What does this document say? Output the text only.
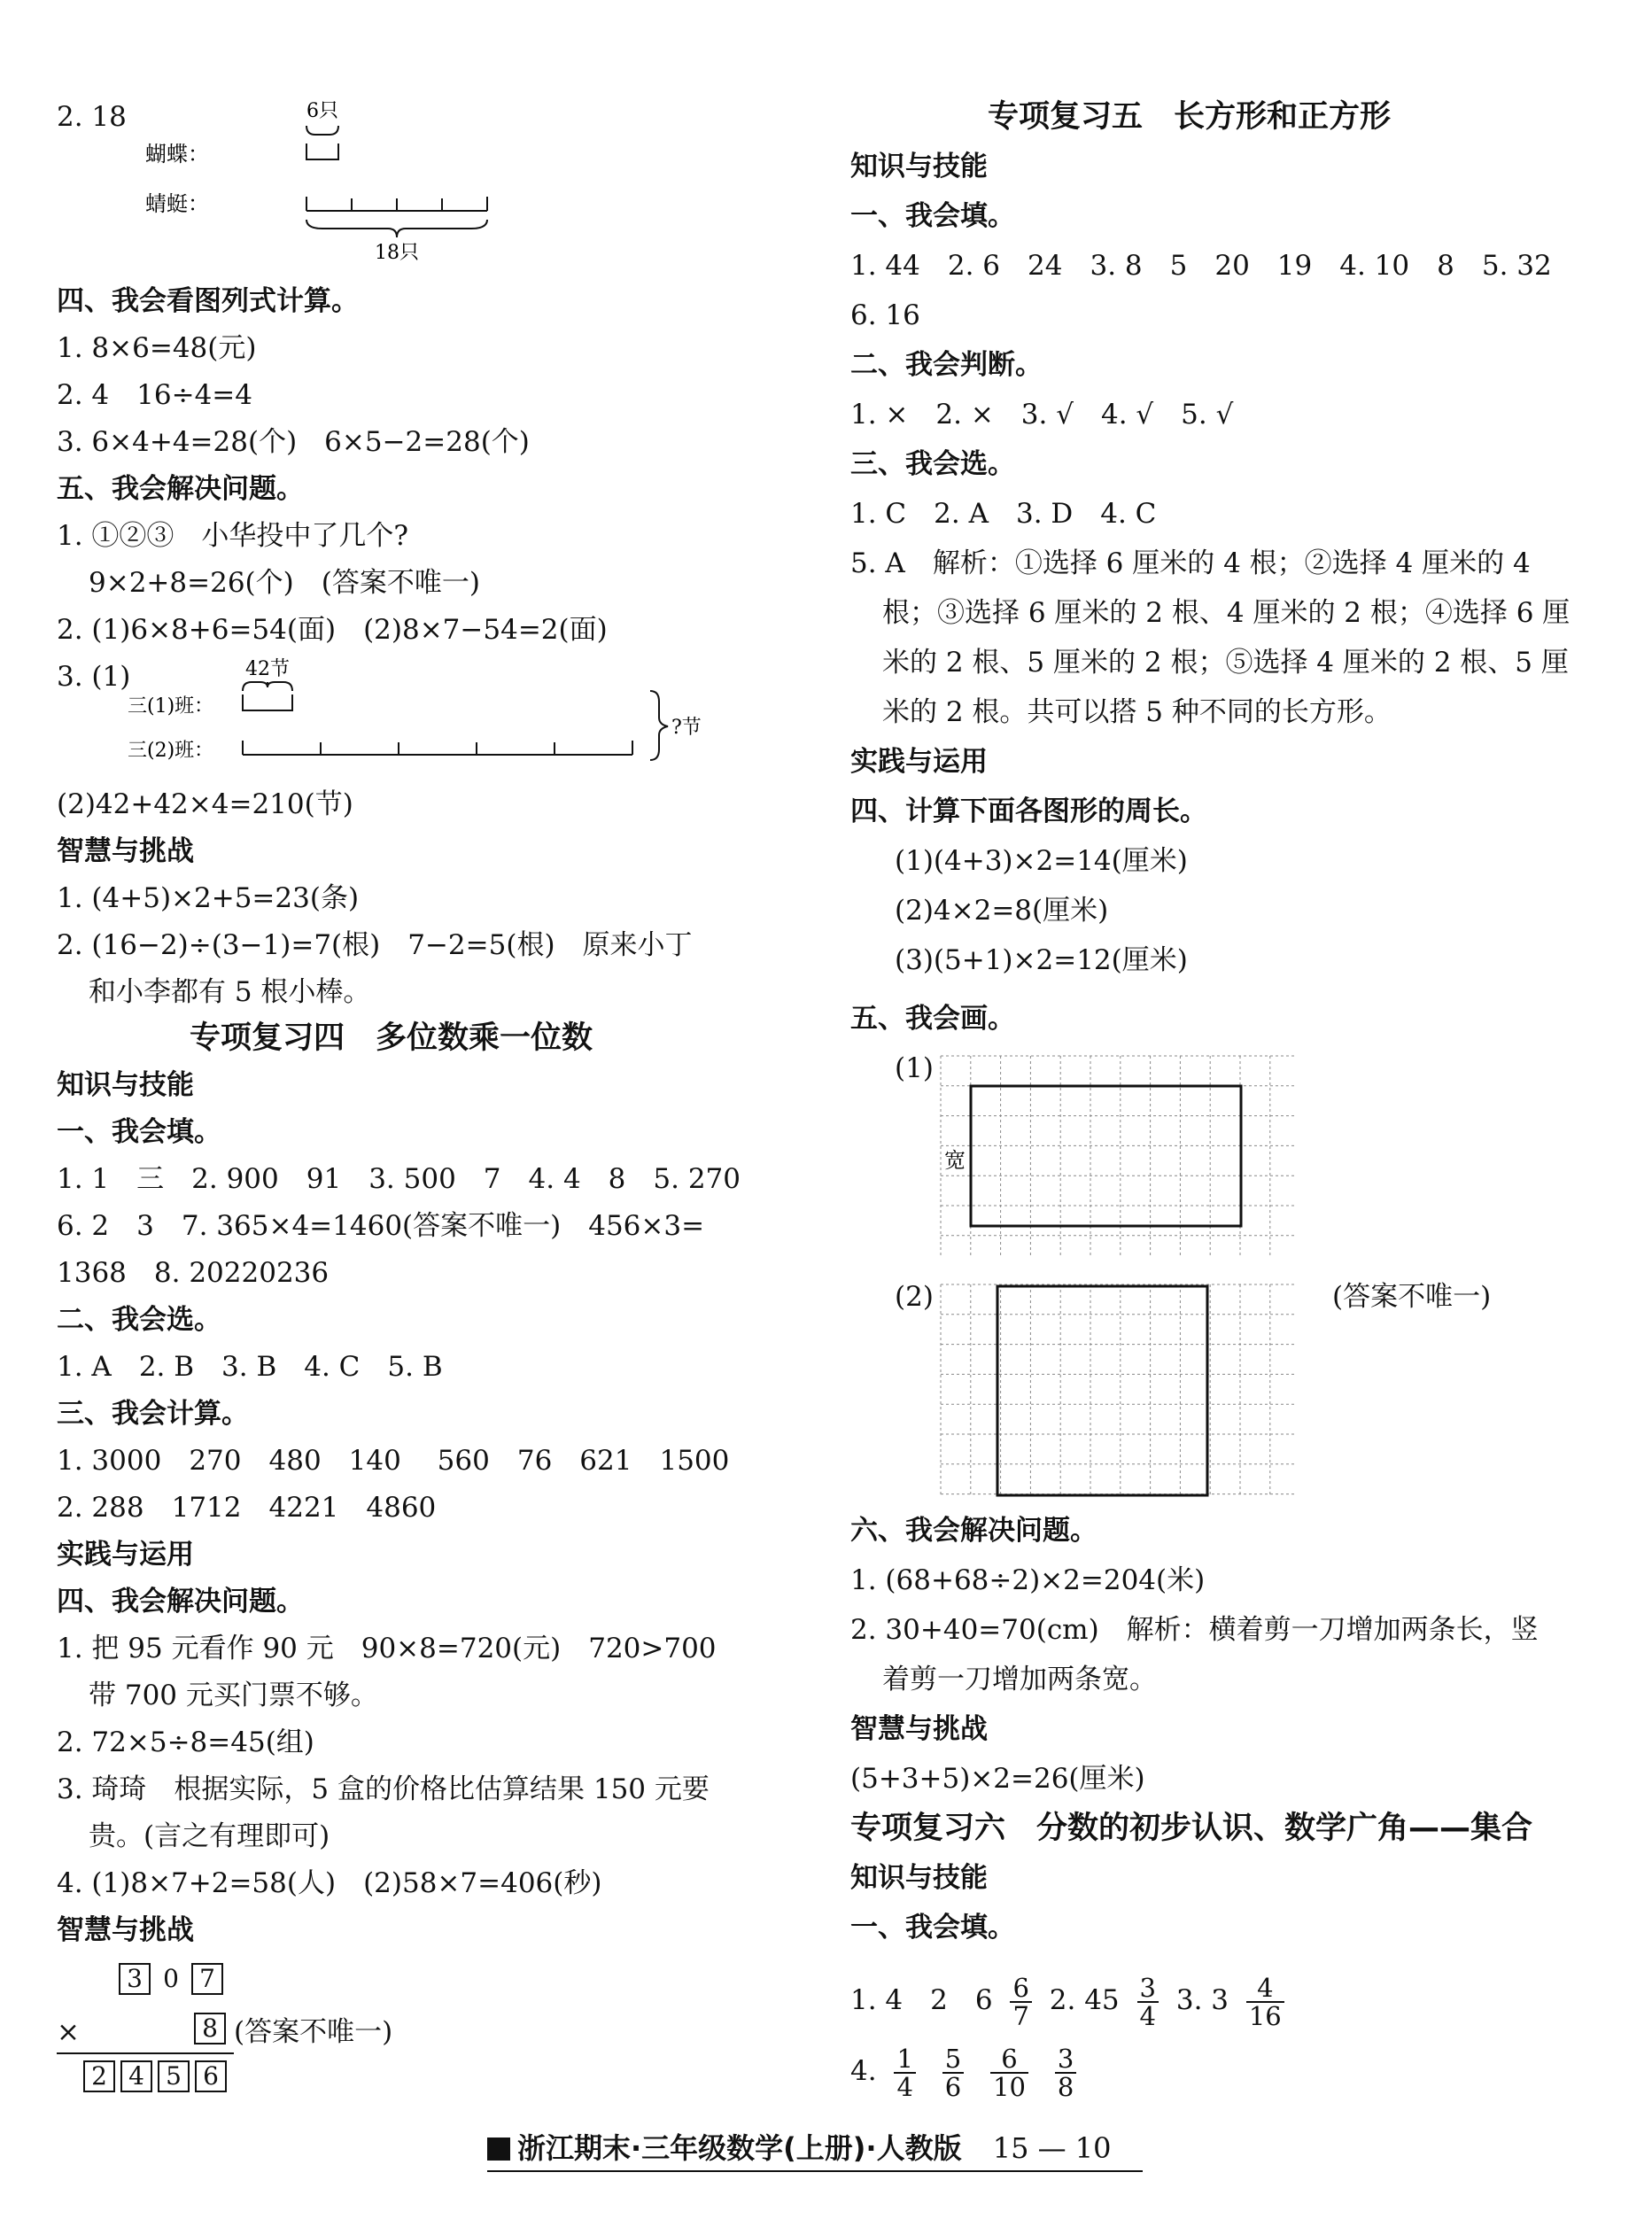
2. 18	6只
蝴蝶：
蜻蜓：
18只
四、我会看图列式计算。
1. 8×6=48(元)
2. 4　16÷4=4
3. 6×4+4=28(个)　6×5−2=28(个)
五、我会解决问题。
1. ①②③　小华投中了几个?
9×2+8=26(个)　(答案不唯一)
2. (1)6×8+6=54(面)　(2)8×7−54=2(面)
3. (1)	42节
三(1)班：
三(2)班：
?节
(2)42+42×4=210(节)
智慧与挑战
1. (4+5)×2+5=23(条)
2. (16−2)÷(3−1)=7(根)　7−2=5(根)　原来小丁
和小李都有 5 根小棒。
专项复习四　多位数乘一位数
知识与技能
一、我会填。
1. 1　三　2. 900　91　3. 500　7　4. 4　8　5. 270
6. 2　3　7. 365×4=1460(答案不唯一)　456×3=
1368　8. 20220236
二、我会选。
1. A　2. B　3. B　4. C　5. B
三、我会计算。
1. 3000　270　480　140　 560　76　621　1500
2. 288　1712　4221　4860
实践与运用
四、我会解决问题。
1. 把 95 元看作 90 元　90×8=720(元)　720>700
带 700 元买门票不够。
2. 72×5÷8=45(组)
3. 琦琦　根据实际，5 盒的价格比估算结果 150 元要
贵。(言之有理即可)
4. (1)8×7+2=58(人)　(2)58×7=406(秒)
智慧与挑战
3 0 7
×	8 (答案不唯一)
2 4 5 6
专项复习五　长方形和正方形
知识与技能
一、我会填。
1. 44　2. 6　24　3. 8　5　20　19　4. 10　8　5. 32
6. 16
二、我会判断。
1. ×　2. ×　3. √　4. √　5. √
三、我会选。
1. C　2. A　3. D　4. C
5. A　解析：①选择 6 厘米的 4 根；②选择 4 厘米的 4
根；③选择 6 厘米的 2 根、4 厘米的 2 根；④选择 6 厘
米的 2 根、5 厘米的 2 根；⑤选择 4 厘米的 2 根、5 厘
米的 2 根。共可以搭 5 种不同的长方形。
实践与运用
四、计算下面各图形的周长。
(1)(4+3)×2=14(厘米)
(2)4×2=8(厘米)
(3)(5+1)×2=12(厘米)
五、我会画。
(1)
宽
(2)	(答案不唯一)
六、我会解决问题。
1. (68+68÷2)×2=204(米)
2. 30+40=70(cm)　解析：横着剪一刀增加两条长，竖
着剪一刀增加两条宽。
智慧与挑战
(5+3+5)×2=26(厘米)
专项复习六　分数的初步认识、数学广角——集合
知识与技能
一、我会填。
1. 4　2　$6 \frac{6}{7} 2$. $45 \frac{3}{4} 3$. $3 \frac{4}{16}$
4. $\frac{1}{4}$
$\frac{5}{6}$
$\frac{6}{10}$
$\frac{3}{8}$
浙江期末·三年级数学(上册)·人教版 15 — 10
